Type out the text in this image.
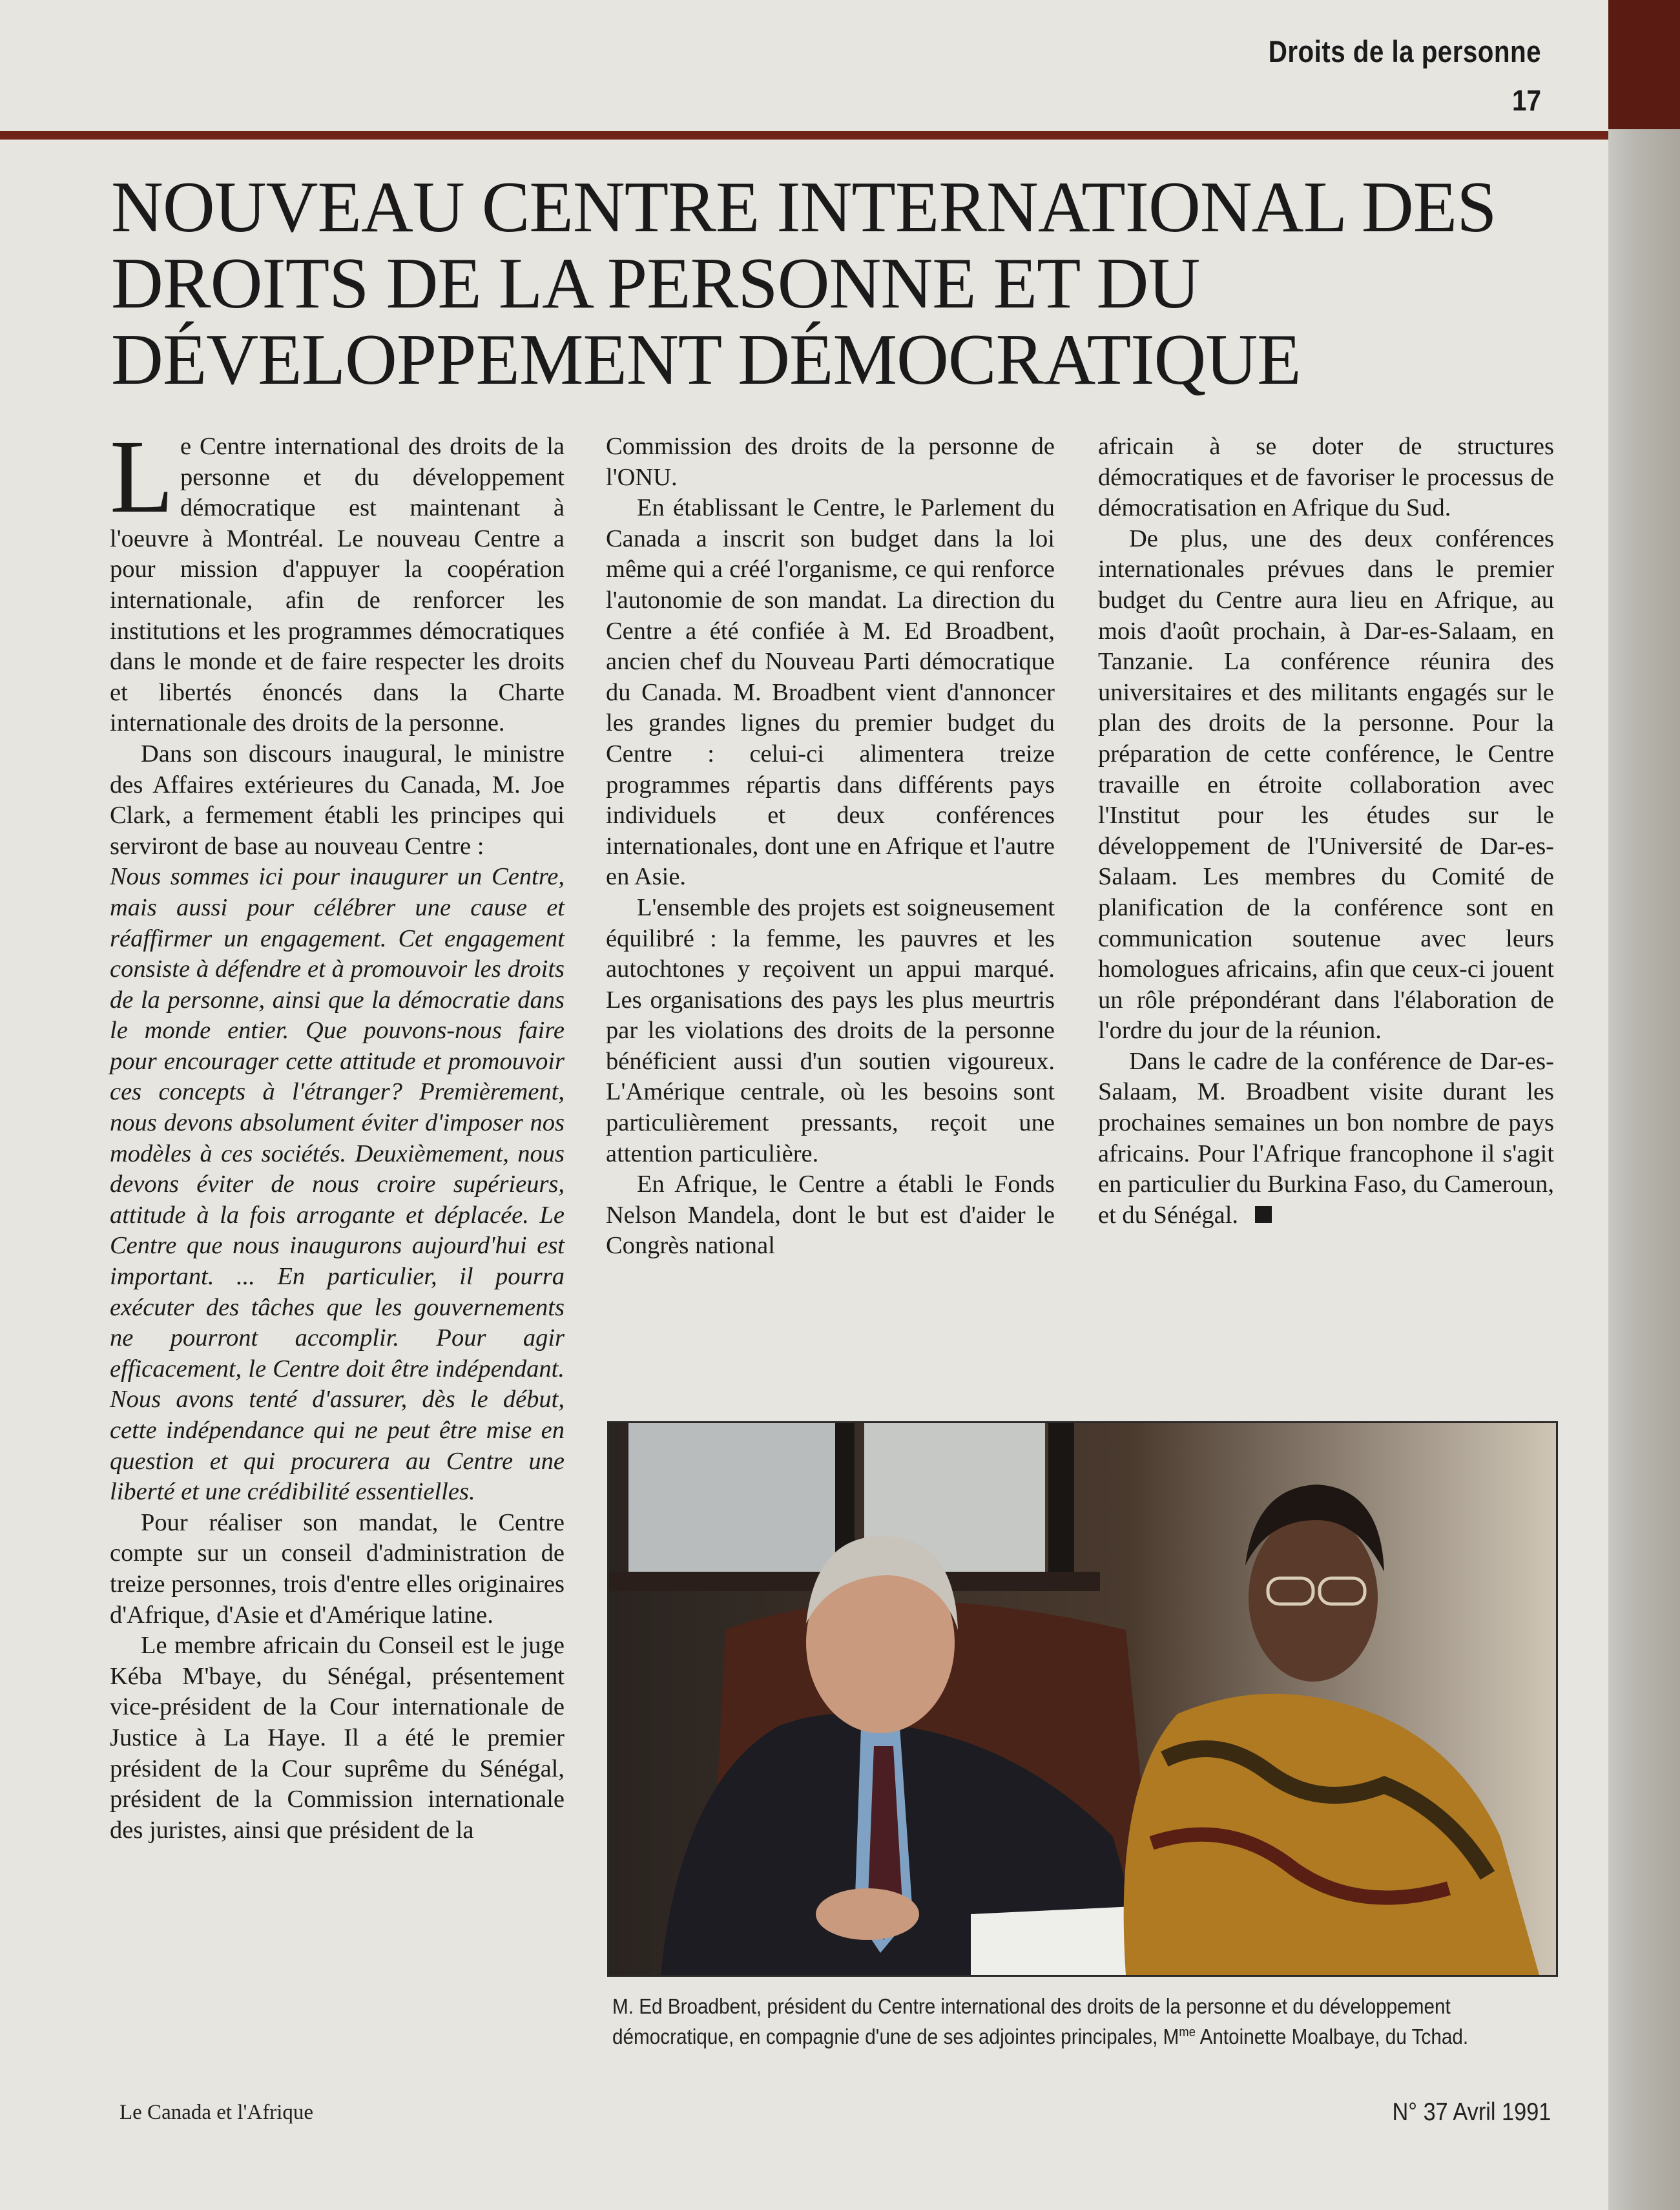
Droits de la personne
17
NOUVEAU CENTRE INTERNATIONAL DES
DROITS DE LA PERSONNE ET DU
DÉVELOPPEMENT DÉMOCRATIQUE

Le Centre international des droits de la personne et du développement démocratique est maintenant à l'oeuvre à Montréal. Le nouveau Centre a pour mission d'appuyer la coopération internationale, afin de renforcer les institutions et les programmes démocratiques dans le monde et de faire respecter les droits et libertés énoncés dans la Charte internationale des droits de la personne.

Dans son discours inaugural, le ministre des Affaires extérieures du Canada, M. Joe Clark, a fermement établi les principes qui serviront de base au nouveau Centre :

Nous sommes ici pour inaugurer un Centre, mais aussi pour célébrer une cause et réaffirmer un engagement. Cet engagement consiste à défendre et à promouvoir les droits de la personne, ainsi que la démocratie dans le monde entier. Que pouvons-nous faire pour encourager cette attitude et promouvoir ces concepts à l'étranger? Premièrement, nous devons absolument éviter d'imposer nos modèles à ces sociétés. Deuxièmement, nous devons éviter de nous croire supérieurs, attitude à la fois arrogante et déplacée. Le Centre que nous inaugurons aujourd'hui est important. ... En particulier, il pourra exécuter des tâches que les gouvernements ne pourront accomplir. Pour agir efficacement, le Centre doit être indépendant. Nous avons tenté d'assurer, dès le début, cette indépendance qui ne peut être mise en question et qui procurera au Centre une liberté et une crédibilité essentielles.

Pour réaliser son mandat, le Centre compte sur un conseil d'administration de treize personnes, trois d'entre elles originaires d'Afrique, d'Asie et d'Amérique latine.

Le membre africain du Conseil est le juge Kéba M'baye, du Sénégal, présentement vice-président de la Cour internationale de Justice à La Haye. Il a été le premier président de la Cour suprême du Sénégal, président de la Commission internationale des juristes, ainsi que président de la

Commission des droits de la personne de l'ONU.

En établissant le Centre, le Parlement du Canada a inscrit son budget dans la loi même qui a créé l'organisme, ce qui renforce l'autonomie de son mandat. La direction du Centre a été confiée à M. Ed Broadbent, ancien chef du Nouveau Parti démocratique du Canada. M. Broadbent vient d'annoncer les grandes lignes du premier budget du Centre : celui-ci alimentera treize programmes répartis dans différents pays individuels et deux conférences internationales, dont une en Afrique et l'autre en Asie.

L'ensemble des projets est soigneusement équilibré : la femme, les pauvres et les autochtones y reçoivent un appui marqué. Les organisations des pays les plus meurtris par les violations des droits de la personne bénéficient aussi d'un soutien vigoureux. L'Amérique centrale, où les besoins sont particulièrement pressants, reçoit une attention particulière.

En Afrique, le Centre a établi le Fonds Nelson Mandela, dont le but est d'aider le Congrès national

africain à se doter de structures démocratiques et de favoriser le processus de démocratisation en Afrique du Sud.

De plus, une des deux conférences internationales prévues dans le premier budget du Centre aura lieu en Afrique, au mois d'août prochain, à Dar-es-Salaam, en Tanzanie. La conférence réunira des universitaires et des militants engagés sur le plan des droits de la personne. Pour la préparation de cette conférence, le Centre travaille en étroite collaboration avec l'Institut pour les études sur le développement de l'Université de Dar-es-Salaam. Les membres du Comité de planification de la conférence sont en communication soutenue avec leurs homologues africains, afin que ceux-ci jouent un rôle prépondérant dans l'élaboration de l'ordre du jour de la réunion.

Dans le cadre de la conférence de Dar-es-Salaam, M. Broadbent visite durant les prochaines semaines un bon nombre de pays africains. Pour l'Afrique francophone il s'agit en particulier du Burkina Faso, du Cameroun, et du Sénégal.

M. Ed Broadbent, président du Centre international des droits de la personne et du développement démocratique, en compagnie d'une de ses adjointes principales, $M^{me}$ Antoinette Moalbaye, du Tchad.
Le Canada et l'Afrique	N° 37 Avril 1991
